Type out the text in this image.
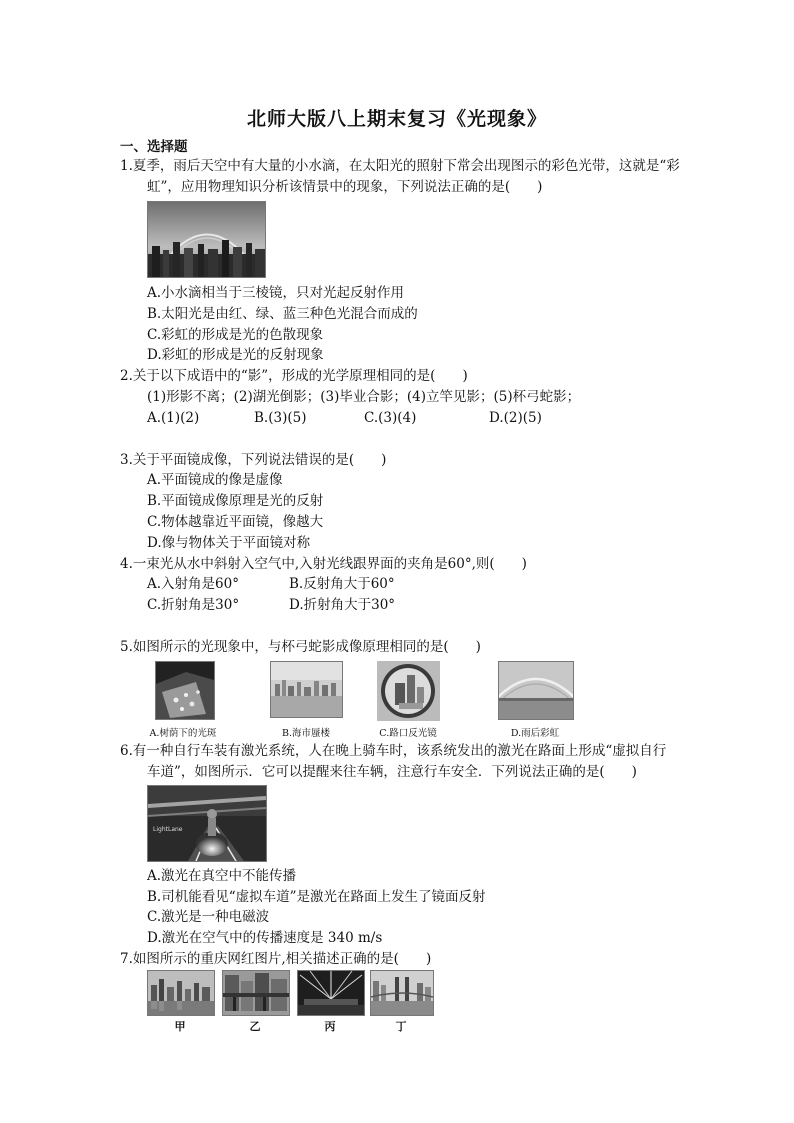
北师大版八上期末复习《光现象》
一、选择题
1.夏季，雨后天空中有大量的小水滴，在太阳光的照射下常会出现图示的彩色光带，这就是“彩
虹”，应用物理知识分析该情景中的现象，下列说法正确的是(　　)
A.小水滴相当于三棱镜，只对光起反射作用
B.太阳光是由红、绿、蓝三种色光混合而成的
C.彩虹的形成是光的色散现象
D.彩虹的形成是光的反射现象
2.关于以下成语中的“影”，形成的光学原理相同的是(　　)
(1)形影不离；(2)湖光倒影；(3)毕业合影；(4)立竿见影；(5)杯弓蛇影；
A.(1)(2)	B.(3)(5)	C.(3)(4)	D.(2)(5)
3.关于平面镜成像，下列说法错误的是(　　)
A.平面镜成的像是虚像
B.平面镜成像原理是光的反射
C.物体越靠近平面镜，像越大
D.像与物体关于平面镜对称
4.一束光从水中斜射入空气中,入射光线跟界面的夹角是60°,则(　　)
A.入射角是60°	B.反射角大于60°
C.折射角是30°	D.折射角大于30°
5.如图所示的光现象中，与杯弓蛇影成像原理相同的是(　　)
A.树荫下的光斑	B.海市蜃楼	C.路口反光镜	D.雨后彩虹
6.有一种自行车装有激光系统，人在晚上骑车时，该系统发出的激光在路面上形成“虚拟自行
车道”，如图所示．它可以提醒来往车辆，注意行车安全．下列说法正确的是(　　)
LightLane
A.激光在真空中不能传播
B.司机能看见“虚拟车道”是激光在路面上发生了镜面反射
C.激光是一种电磁波
D.激光在空气中的传播速度是 340 m/s
7.如图所示的重庆网红图片,相关描述正确的是(　　)
甲	乙	丙	丁
